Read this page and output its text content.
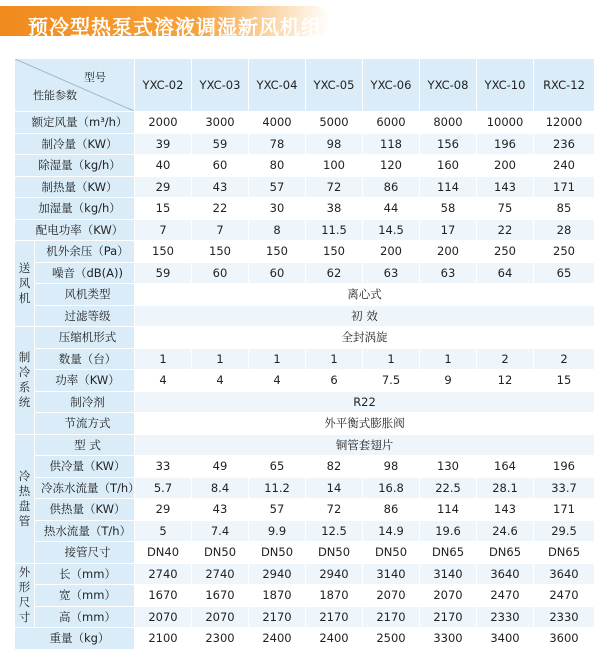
预冷型热泵式溶液调湿新风机组
型号
性能参数		YXC-02	YXC-03	YXC-04	YXC-05	YXC-06	YXC-08	YXC-10	RXC-12
额定风量（m³/h）		2000	3000	4000	5000	6000	8000	10000	12000
制冷量（KW）		39	59	78	98	118	156	196	236
除湿量（kg/h）		40	60	80	100	120	160	200	240
制热量（KW）		29	43	57	72	86	114	143	171
加湿量（kg/h）		15	22	30	38	44	58	75	85
配电功率（KW）		7	7	8	11.5	14.5	17	22	28
送风机	机外余压（Pa）	150	150	150	150	200	200	250	250
	噪音（dB(A))	59	60	60	62	63	63	64	65
	风机类型	离心式							
	过滤等级	初 效							
制冷系统	压缩机形式	全封涡旋							
	数量（台）	1	1	1	1	1	1	2	2
	功率（KW）	4	4	4	6	7.5	9	12	15
	制冷剂	R22							
	节流方式	外平衡式膨胀阀							
冷热盘管	型 式	铜管套翅片							
	供冷量（KW）	33	49	65	82	98	130	164	196
	冷冻水流量（T/h）	5.7	8.4	11.2	14	16.8	22.5	28.1	33.7
	供热量（KW）	29	43	57	72	86	114	143	171
	热水流量（T/h）	5	7.4	9.9	12.5	14.9	19.6	24.6	29.5
	接管尺寸	DN40	DN50	DN50	DN50	DN50	DN65	DN65	DN65
外形尺寸	长（mm）	2740	2740	2940	2940	3140	3140	3640	3640
	宽（mm）	1670	1670	1870	1870	2070	2070	2470	2470
	高（mm）	2070	2070	2170	2170	2170	2170	2330	2330
重量（kg）		2100	2300	2400	2400	2500	3300	3400	3600
